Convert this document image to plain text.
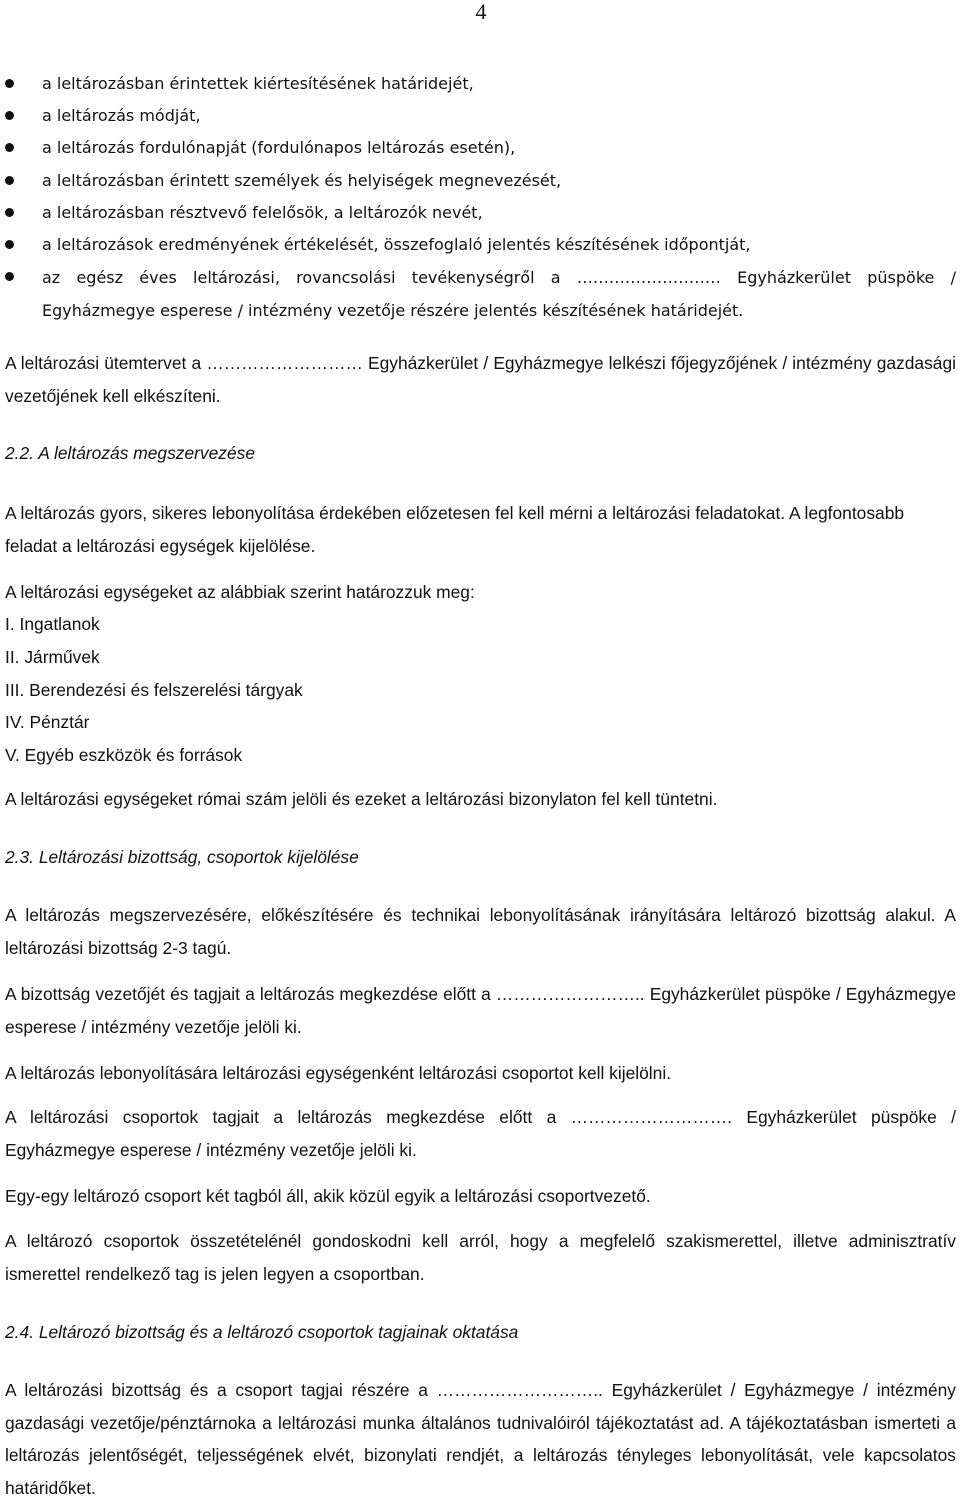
4
a leltározásban érintettek kiértesítésének határidejét,
a leltározás módját,
a leltározás fordulónapját (fordulónapos leltározás esetén),
a leltározásban érintett személyek és helyiségek megnevezését,
a leltározásban résztvevő felelősök, a leltározók nevét,
a leltározások eredményének értékelését, összefoglaló jelentés készítésének időpontját,
az egész éves leltározási, rovancsolási tevékenységről a ……………………… Egyházkerület püspöke / Egyházmegye esperese / intézmény vezetője részére jelentés készítésének határidejét.

A leltározási ütemtervet a ……………………… Egyházkerület / Egyházmegye lelkészi főjegyzőjének / intézmény gazdasági vezetőjének kell elkészíteni.

2.2. A leltározás megszervezése

A leltározás gyors, sikeres lebonyolítása érdekében előzetesen fel kell mérni a leltározási feladatokat. A legfontosabb feladat a leltározási egységek kijelölése.

A leltározási egységeket az alábbiak szerint határozzuk meg:

I. Ingatlanok
II. Járművek
III. Berendezési és felszerelési tárgyak
IV. Pénztár
V. Egyéb eszközök és források

A leltározási egységeket római szám jelöli és ezeket a leltározási bizonylaton fel kell tüntetni.

2.3. Leltározási bizottság, csoportok kijelölése

A leltározás megszervezésére, előkészítésére és technikai lebonyolításának irányítására leltározó bizottság alakul. A leltározási bizottság 2-3 tagú.

A bizottság vezetőjét és tagjait a leltározás megkezdése előtt a …………………….. Egyházkerület püspöke / Egyházmegye esperese / intézmény vezetője jelöli ki.

A leltározás lebonyolítására leltározási egységenként leltározási csoportot kell kijelölni.

A leltározási csoportok tagjait a leltározás megkezdése előtt a ………………………. Egyházkerület püspöke / Egyházmegye esperese / intézmény vezetője jelöli ki.

Egy-egy leltározó csoport két tagból áll, akik közül egyik a leltározási csoportvezető.

A leltározó csoportok összetételénél gondoskodni kell arról, hogy a megfelelő szakismerettel, illetve adminisztratív ismerettel rendelkező tag is jelen legyen a csoportban.

2.4. Leltározó bizottság és a leltározó csoportok tagjainak oktatása

A leltározási bizottság és a csoport tagjai részére a ……………………….. Egyházkerület / Egyházmegye / intézmény gazdasági vezetője/pénztárnoka a leltározási munka általános tudnivalóiról tájékoztatást ad. A tájékoztatásban ismerteti a leltározás jelentőségét, teljességének elvét, bizonylati rendjét, a leltározás tényleges lebonyolítását, vele kapcsolatos határidőket.
